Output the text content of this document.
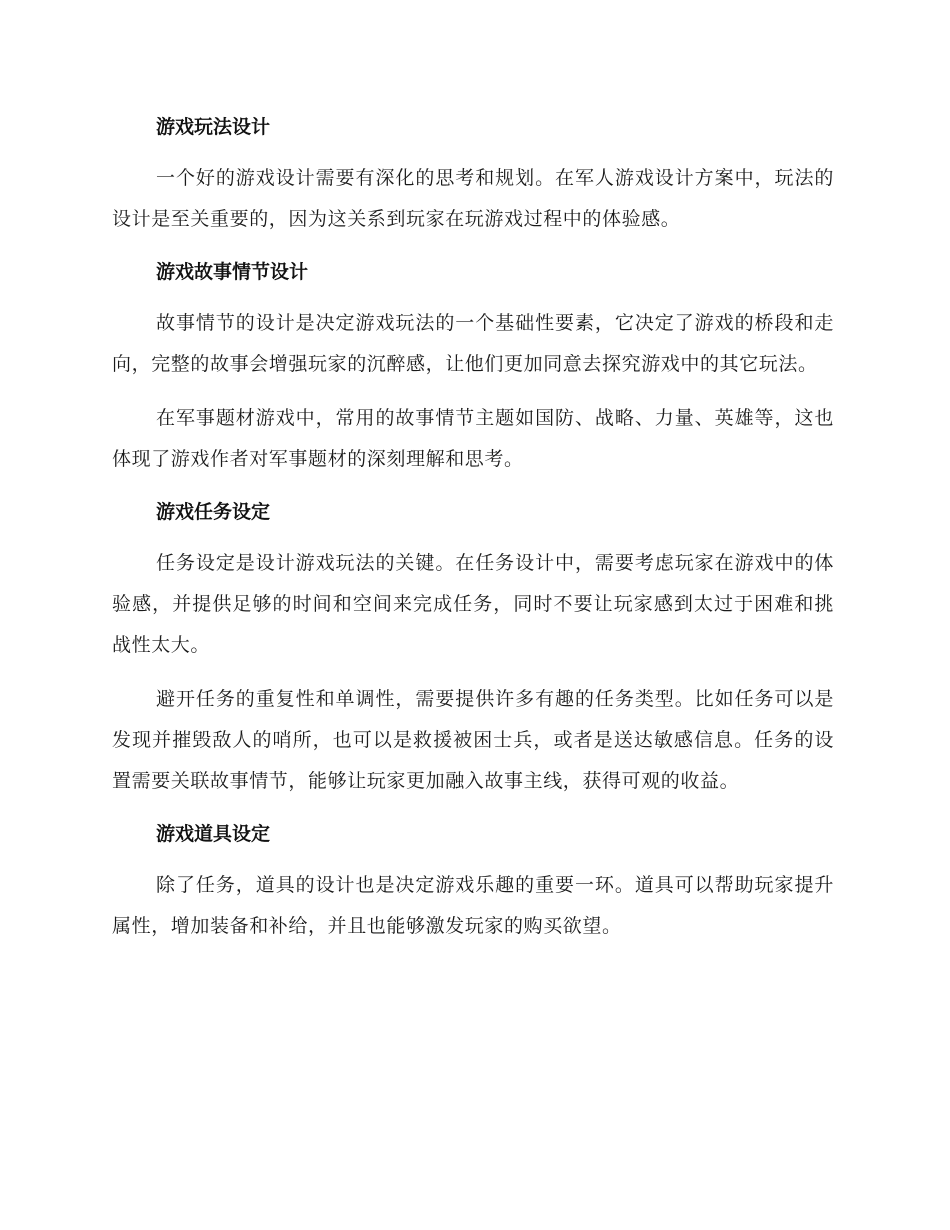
游戏玩法设计

一个好的游戏设计需要有深化的思考和规划。在军人游戏设计方案中，玩法的设计是至关重要的，因为这关系到玩家在玩游戏过程中的体验感。

游戏故事情节设计

故事情节的设计是决定游戏玩法的一个基础性要素，它决定了游戏的桥段和走向，完整的故事会增强玩家的沉醉感，让他们更加同意去探究游戏中的其它玩法。

在军事题材游戏中，常用的故事情节主题如国防、战略、力量、英雄等，这也体现了游戏作者对军事题材的深刻理解和思考。

游戏任务设定

任务设定是设计游戏玩法的关键。在任务设计中，需要考虑玩家在游戏中的体验感，并提供足够的时间和空间来完成任务，同时不要让玩家感到太过于困难和挑战性太大。

避开任务的重复性和单调性，需要提供许多有趣的任务类型。比如任务可以是发现并摧毁敌人的哨所，也可以是救援被困士兵，或者是送达敏感信息。任务的设置需要关联故事情节，能够让玩家更加融入故事主线，获得可观的收益。

游戏道具设定

除了任务，道具的设计也是决定游戏乐趣的重要一环。道具可以帮助玩家提升属性，增加装备和补给，并且也能够激发玩家的购买欲望。
